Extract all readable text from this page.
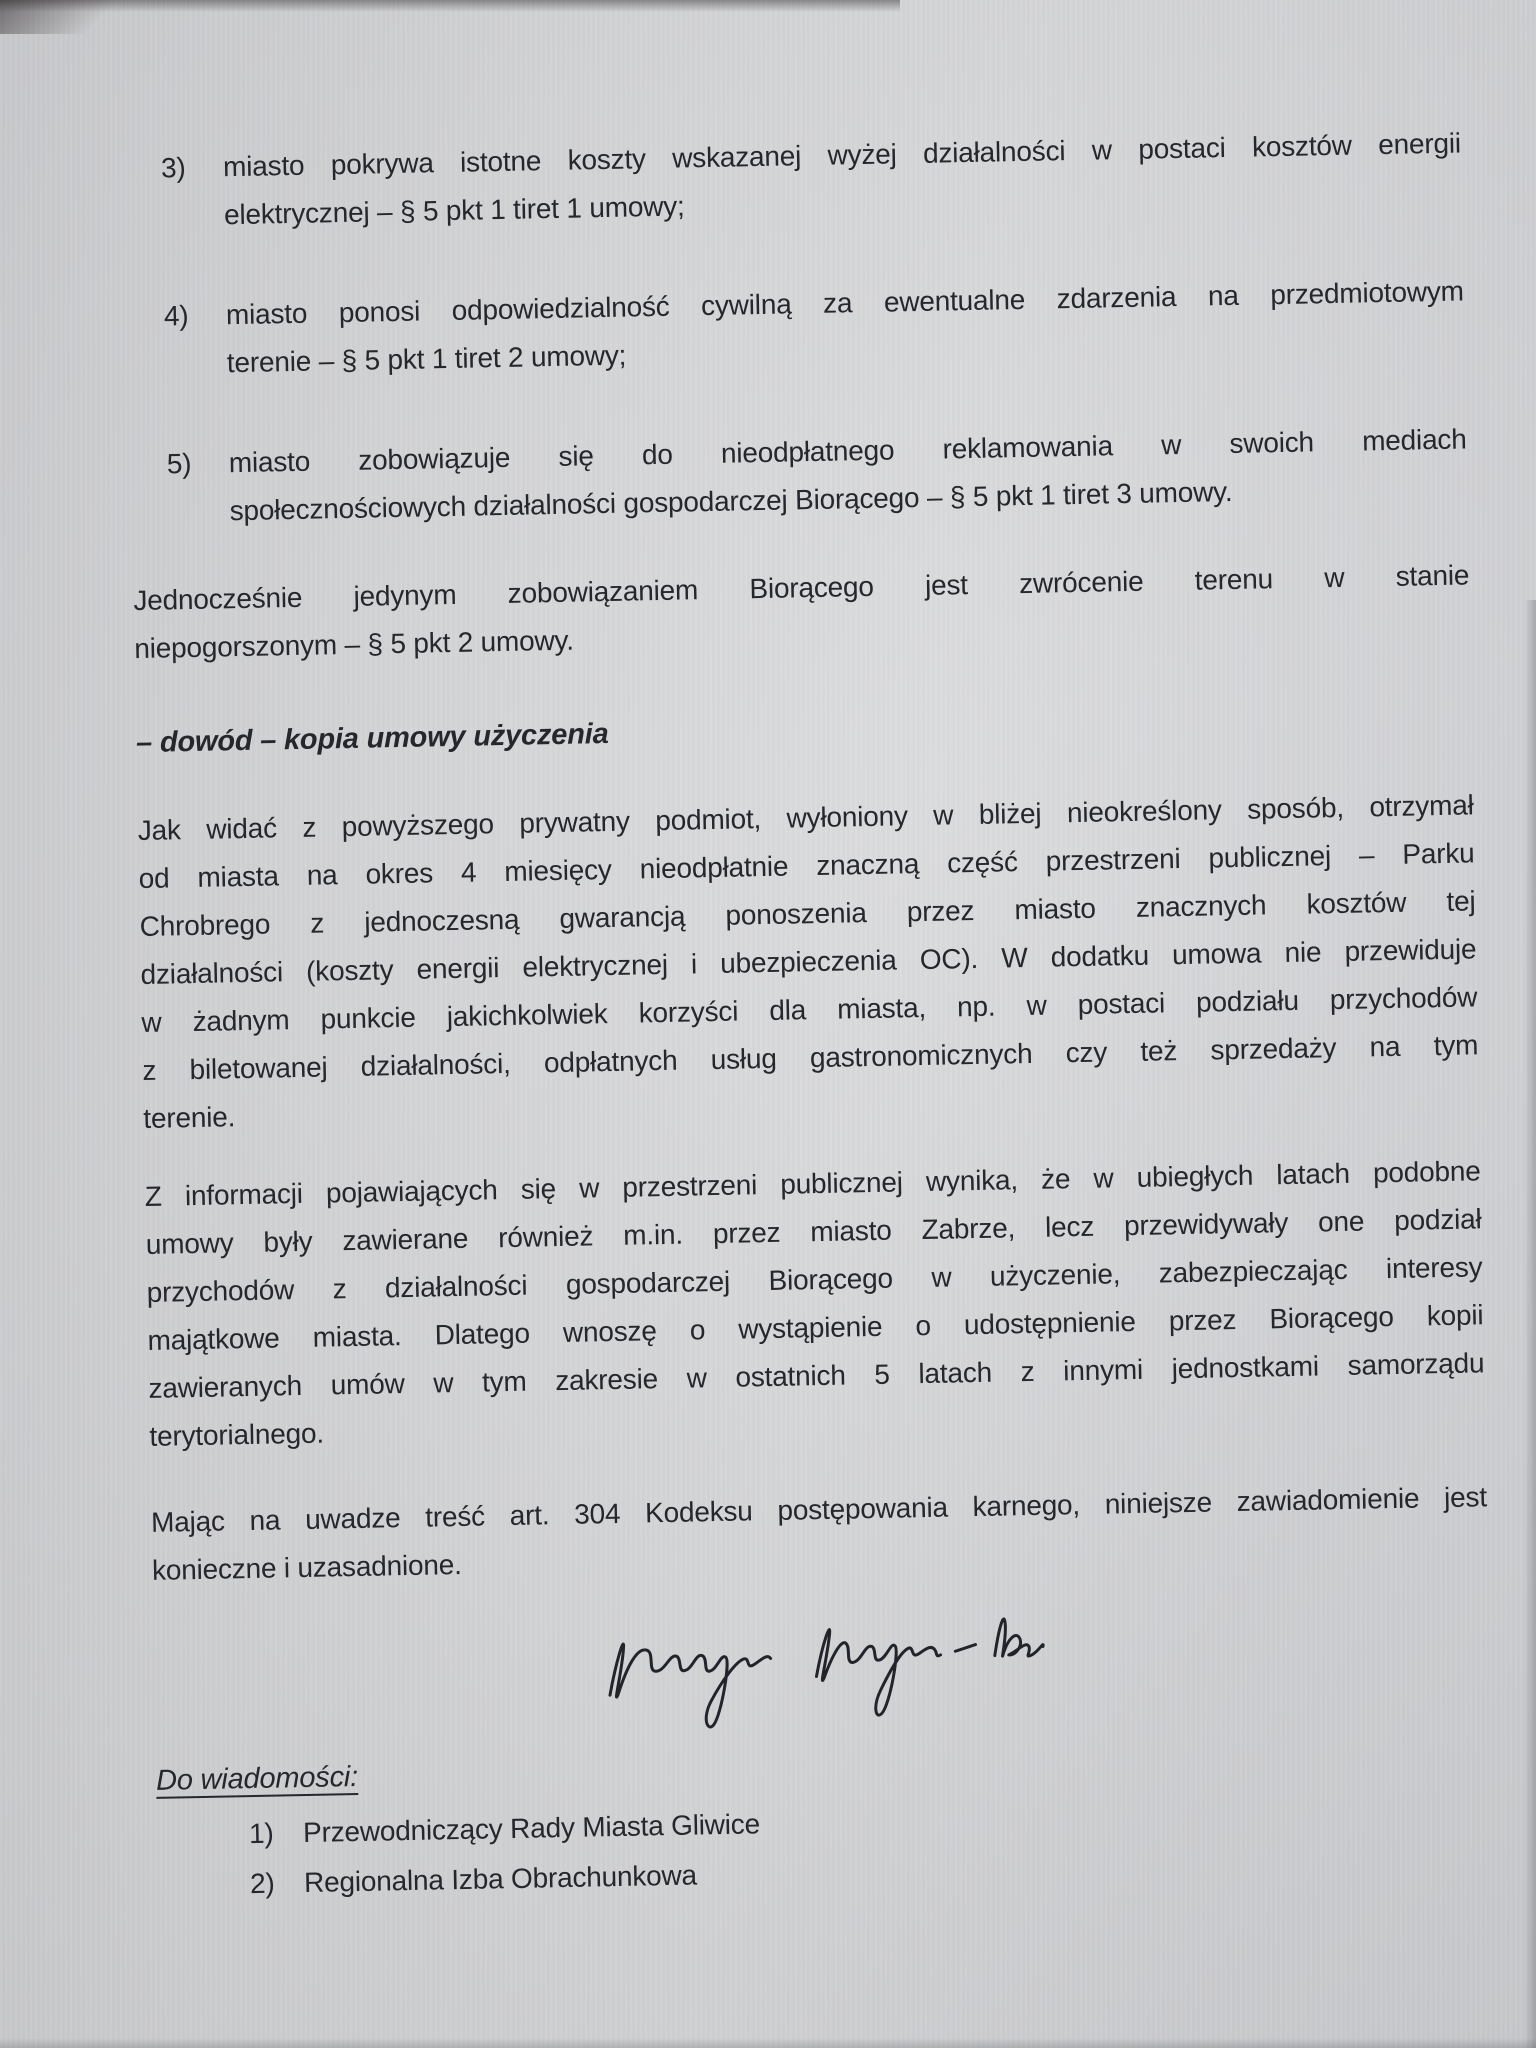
3)	miasto pokrywa istotne koszty wskazanej wyżej działalności w postaci kosztów energii
elektrycznej – § 5 pkt 1 tiret 1 umowy;
4)	miasto ponosi odpowiedzialność cywilną za ewentualne zdarzenia na przedmiotowym
terenie – § 5 pkt 1 tiret 2 umowy;
5)	miasto zobowiązuje się do nieodpłatnego reklamowania w swoich mediach
społecznościowych działalności gospodarczej Biorącego – § 5 pkt 1 tiret 3 umowy.
Jednocześnie jedynym zobowiązaniem Biorącego jest zwrócenie terenu w stanie
niepogorszonym – § 5 pkt 2 umowy.
– dowód – kopia umowy użyczenia
Jak widać z powyższego prywatny podmiot, wyłoniony w bliżej nieokreślony sposób, otrzymał
od miasta na okres 4 miesięcy nieodpłatnie znaczną część przestrzeni publicznej – Parku
Chrobrego z jednoczesną gwarancją ponoszenia przez miasto znacznych kosztów tej
działalności (koszty energii elektrycznej i ubezpieczenia OC). W dodatku umowa nie przewiduje
w żadnym punkcie jakichkolwiek korzyści dla miasta, np. w postaci podziału przychodów
z biletowanej działalności, odpłatnych usług gastronomicznych czy też sprzedaży na tym
terenie.
Z informacji pojawiających się w przestrzeni publicznej wynika, że w ubiegłych latach podobne
umowy były zawierane również m.in. przez miasto Zabrze, lecz przewidywały one podział
przychodów z działalności gospodarczej Biorącego w użyczenie, zabezpieczając interesy
majątkowe miasta. Dlatego wnoszę o wystąpienie o udostępnienie przez Biorącego kopii
zawieranych umów w tym zakresie w ostatnich 5 latach z innymi jednostkami samorządu
terytorialnego.
Mając na uwadze treść art. 304 Kodeksu postępowania karnego, niniejsze zawiadomienie jest
konieczne i uzasadnione.
Do wiadomości:
1)	Przewodniczący Rady Miasta Gliwice
2)	Regionalna Izba Obrachunkowa
